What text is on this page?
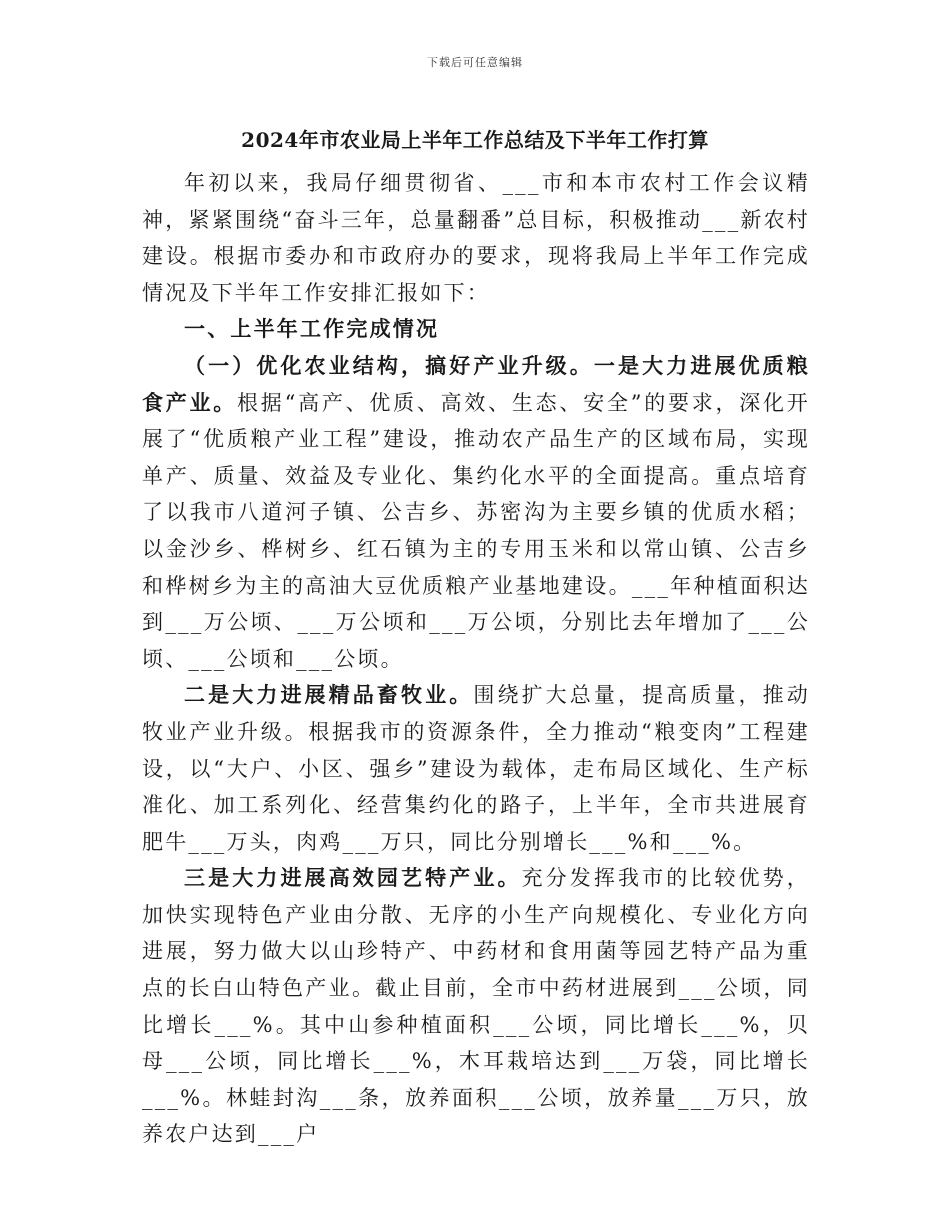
下载后可任意编辑
2024年市农业局上半年工作总结及下半年工作打算

年初以来，我局仔细贯彻省、___市和本市农村工作会议精神，紧紧围绕“奋斗三年，总量翻番”总目标，积极推动___新农村建设。根据市委办和市政府办的要求，现将我局上半年工作完成情况及下半年工作安排汇报如下：

一、上半年工作完成情况

（一）优化农业结构，搞好产业升级。一是大力进展优质粮食产业。根据“高产、优质、高效、生态、安全”的要求，深化开展了“优质粮产业工程”建设，推动农产品生产的区域布局，实现单产、质量、效益及专业化、集约化水平的全面提高。重点培育了以我市八道河子镇、公吉乡、苏密沟为主要乡镇的优质水稻；以金沙乡、桦树乡、红石镇为主的专用玉米和以常山镇、公吉乡和桦树乡为主的高油大豆优质粮产业基地建设。___年种植面积达到___万公顷、___万公顷和___万公顷，分别比去年增加了___公顷、___公顷和___公顷。

二是大力进展精品畜牧业。围绕扩大总量，提高质量，推动牧业产业升级。根据我市的资源条件，全力推动“粮变肉”工程建设，以“大户、小区、强乡”建设为载体，走布局区域化、生产标准化、加工系列化、经营集约化的路子，上半年，全市共进展育肥牛___万头，肉鸡___万只，同比分别增长___%和___%。

三是大力进展高效园艺特产业。充分发挥我市的比较优势，加快实现特色产业由分散、无序的小生产向规模化、专业化方向进展，努力做大以山珍特产、中药材和食用菌等园艺特产品为重点的长白山特色产业。截止目前，全市中药材进展到___公顷，同比增长___%。其中山参种植面积___公顷，同比增长___%，贝母___公顷，同比增长___%，木耳栽培达到___万袋，同比增长___%。林蛙封沟___条，放养面积___公顷，放养量___万只，放养农户达到___户
